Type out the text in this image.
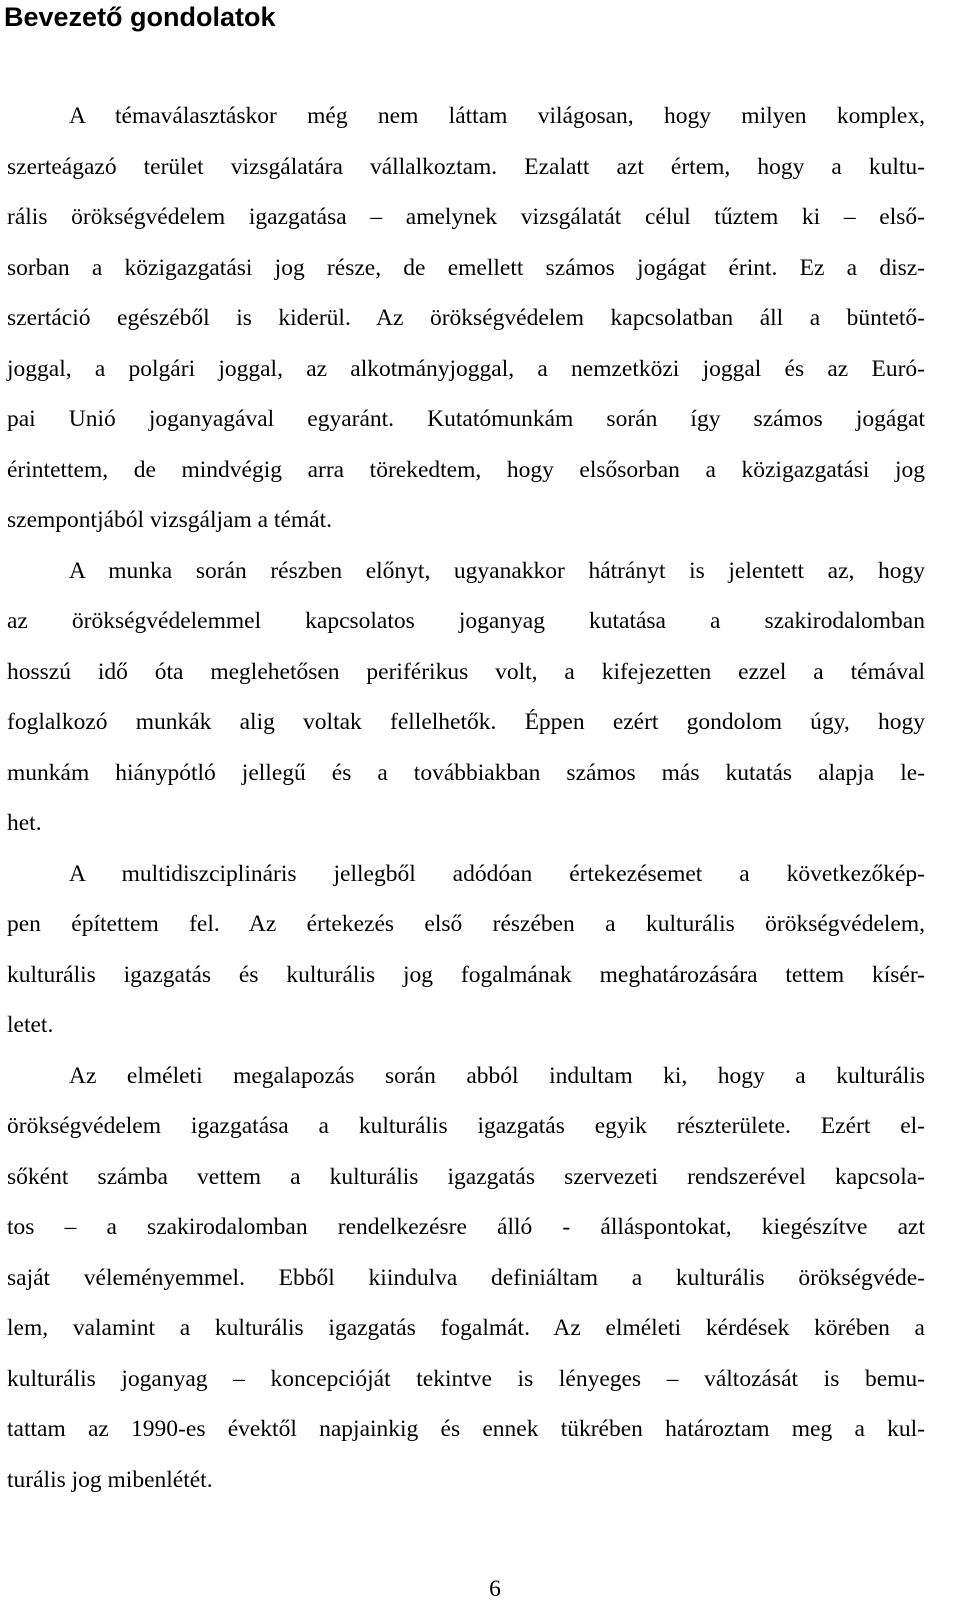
Bevezető gondolatok
A témaválasztáskor még nem láttam világosan, hogy milyen komplex,
szerteágazó terület vizsgálatára vállalkoztam. Ezalatt azt értem, hogy a kultu-
rális örökségvédelem igazgatása – amelynek vizsgálatát célul tűztem ki – első-
sorban a közigazgatási jog része, de emellett számos jogágat érint. Ez a disz-
szertáció egészéből is kiderül. Az örökségvédelem kapcsolatban áll a büntető-
joggal, a polgári joggal, az alkotmányjoggal, a nemzetközi joggal és az Euró-
pai Unió joganyagával egyaránt. Kutatómunkám során így számos jogágat
érintettem, de mindvégig arra törekedtem, hogy elsősorban a közigazgatási jog
szempontjából vizsgáljam a témát.
A munka során részben előnyt, ugyanakkor hátrányt is jelentett az, hogy
az örökségvédelemmel kapcsolatos joganyag kutatása a szakirodalomban
hosszú idő óta meglehetősen periférikus volt, a kifejezetten ezzel a témával
foglalkozó munkák alig voltak fellelhetők. Éppen ezért gondolom úgy, hogy
munkám hiánypótló jellegű és a továbbiakban számos más kutatás alapja le-
het.
A multidiszciplináris jellegből adódóan értekezésemet a következőkép-
pen építettem fel. Az értekezés első részében a kulturális örökségvédelem,
kulturális igazgatás és kulturális jog fogalmának meghatározására tettem kísér-
letet.
Az elméleti megalapozás során abból indultam ki, hogy a kulturális
örökségvédelem igazgatása a kulturális igazgatás egyik részterülete. Ezért el-
sőként számba vettem a kulturális igazgatás szervezeti rendszerével kapcsola-
tos – a szakirodalomban rendelkezésre álló - álláspontokat, kiegészítve azt
saját véleményemmel. Ebből kiindulva definiáltam a kulturális örökségvéde-
lem, valamint a kulturális igazgatás fogalmát. Az elméleti kérdések körében a
kulturális joganyag – koncepcióját tekintve is lényeges – változását is bemu-
tattam az 1990-es évektől napjainkig és ennek tükrében határoztam meg a kul-
turális jog mibenlétét.
6
